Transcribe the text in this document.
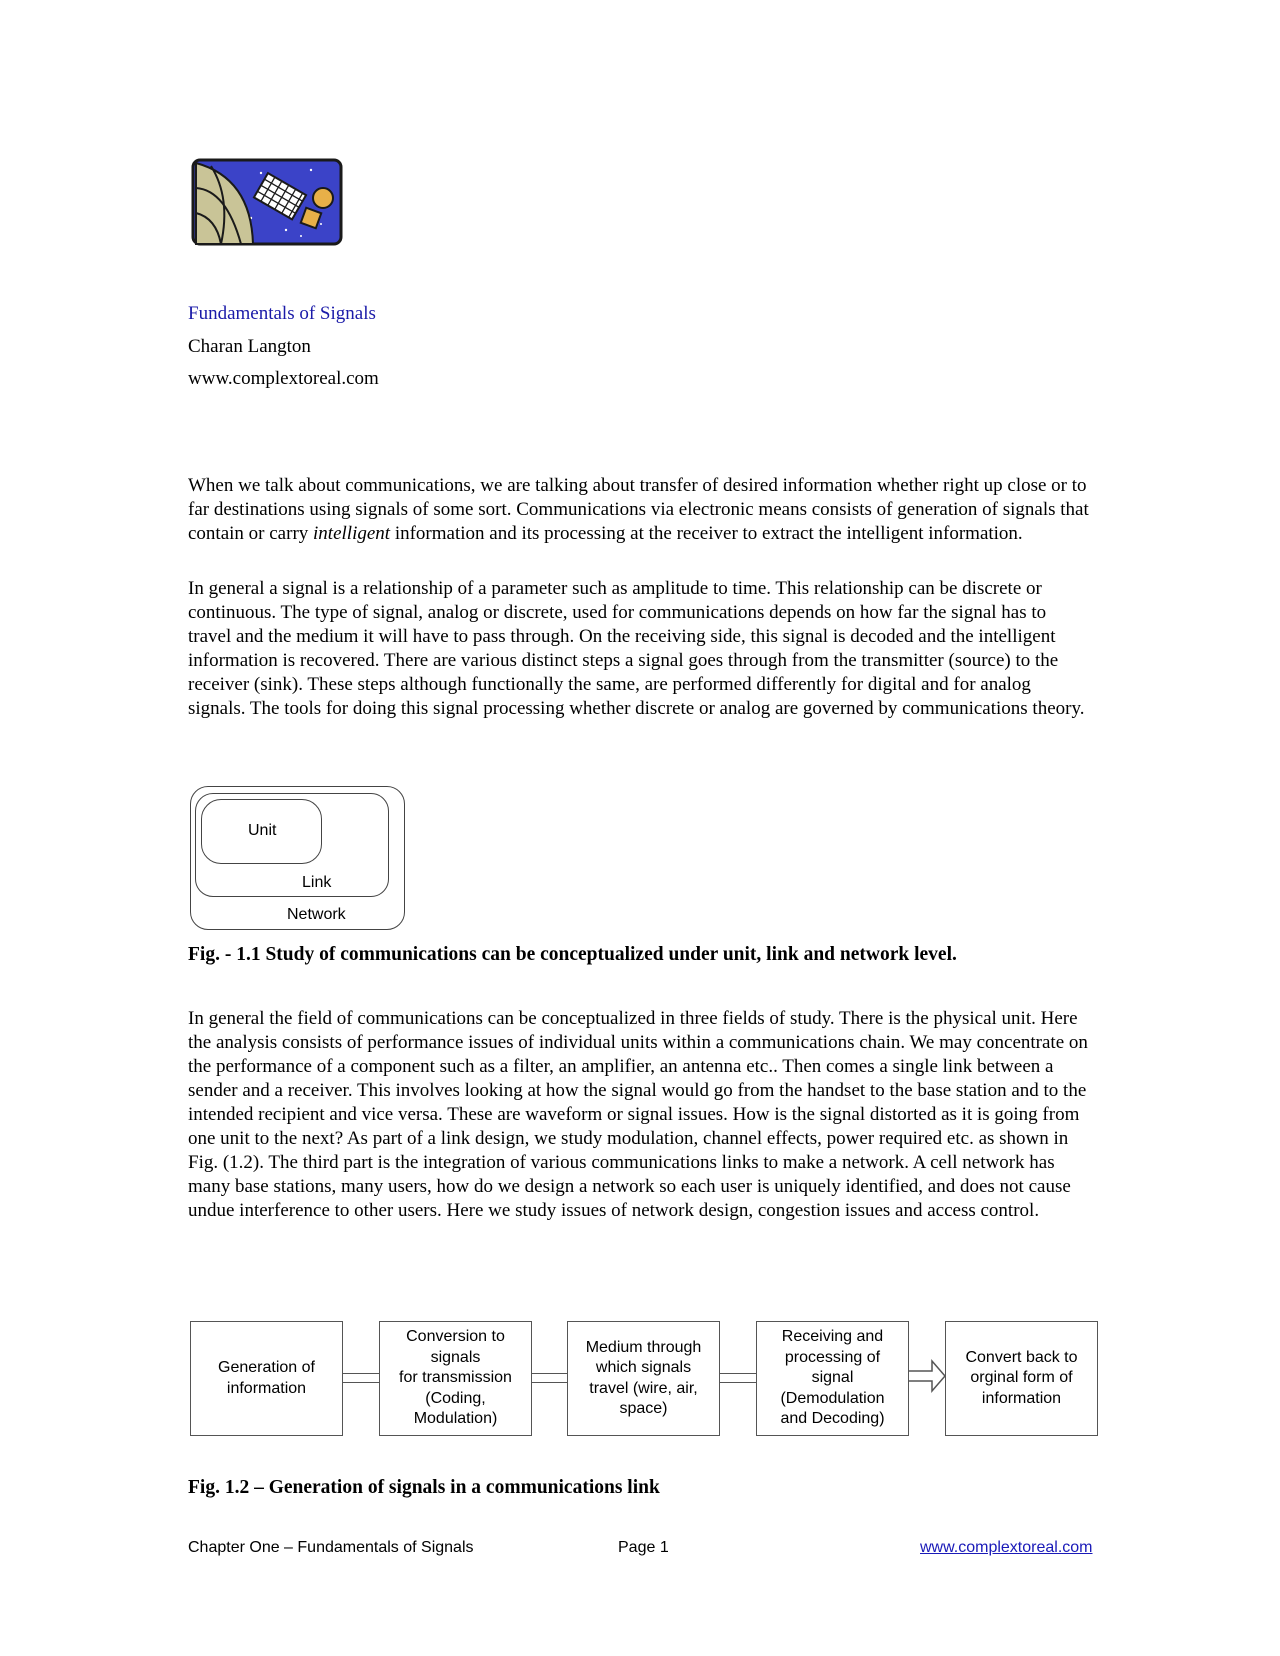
Fundamentals of Signals
Charan Langton
www.complextoreal.com

When we talk about communications, we are talking about transfer of desired information whether right up close or to far destinations using signals of some sort. Communications via electronic means consists of generation of signals that contain or carry intelligent information and its processing at the receiver to extract the intelligent information.

In general a signal is a relationship of a parameter such as amplitude to time. This relationship can be discrete or continuous. The type of signal, analog or discrete, used for communications depends on how far the signal has to travel and the medium it will have to pass through. On the receiving side, this signal is decoded and the intelligent information is recovered. There are various distinct steps a signal goes through from the transmitter (source) to the receiver (sink). These steps although functionally the same, are performed differently for digital and for analog signals. The tools for doing this signal processing whether discrete or analog are governed by communications theory.

Unit
Link
Network
Fig. - 1.1 Study of communications can be conceptualized under unit, link and network level.

In general the field of communications can be conceptualized in three fields of study. There is the physical unit. Here the analysis consists of performance issues of individual units within a communications chain. We may concentrate on the performance of a component such as a filter, an amplifier, an antenna etc.. Then comes a single link between a sender and a receiver. This involves looking at how the signal would go from the handset to the base station and to the intended recipient and vice versa. These are waveform or signal issues. How is the signal distorted as it is going from one unit to the next? As part of a link design, we study modulation, channel effects, power required etc. as shown in Fig. (1.2). The third part is the integration of various communications links to make a network. A cell network has many base stations, many users, how do we design a network so each user is uniquely identified, and does not cause undue interference to other users. Here we study issues of network design, congestion issues and access control.

Generation of
information
Conversion to
signals
for transmission
(Coding,
Modulation)
Medium through
which signals
travel (wire, air,
space)
Receiving and
processing of
signal
(Demodulation
and Decoding)
Convert back to
orginal form of
information
Fig. 1.2 – Generation of signals in a communications link
Chapter One – Fundamentals of Signals	Page 1	www.complextoreal.com
